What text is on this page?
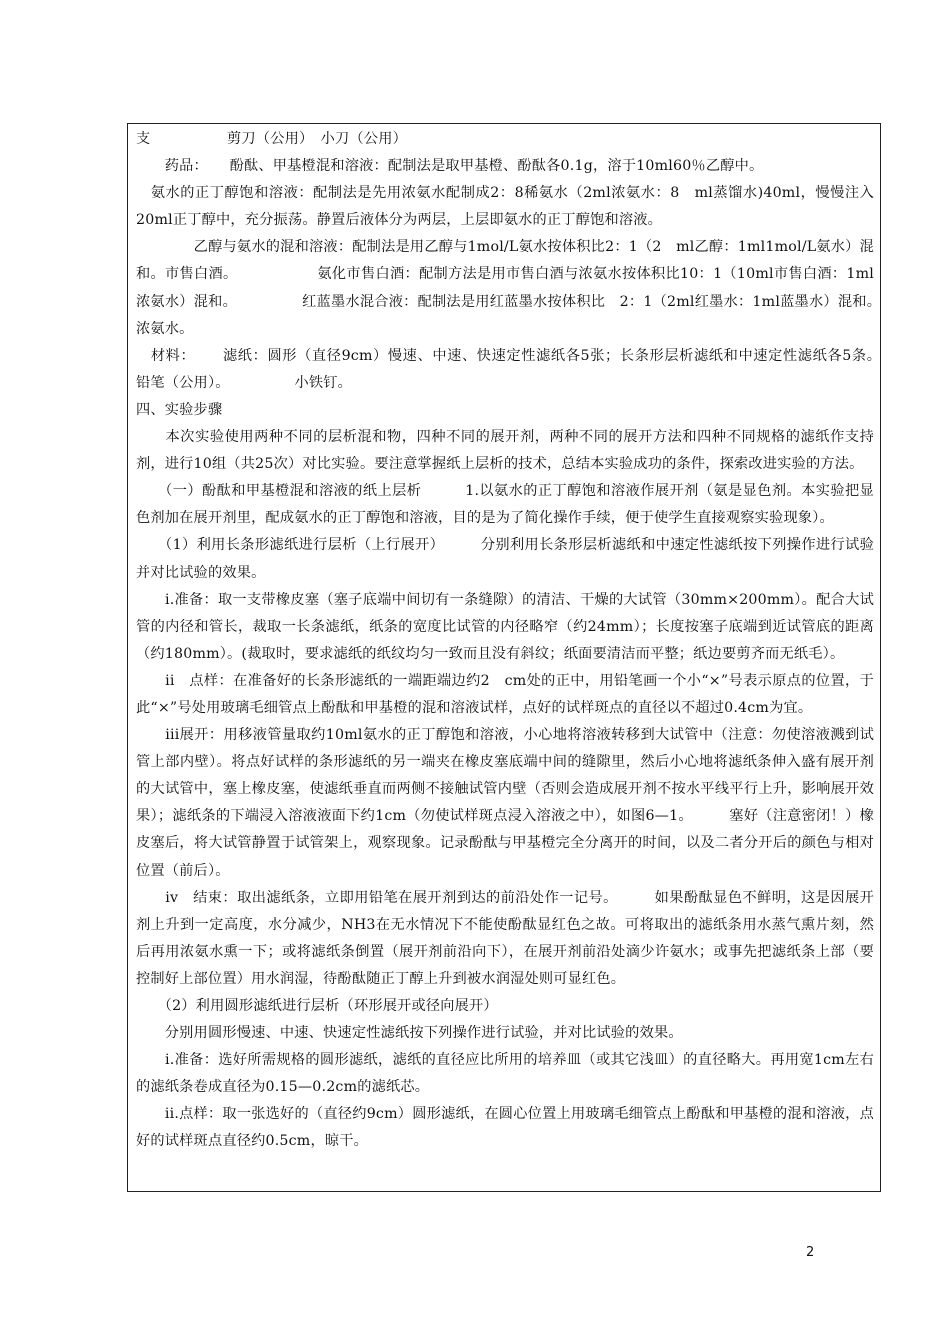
支　　　　　 剪刀（公用）　小刀（公用）

　　药品：　　酚酞、甲基橙混和溶液：配制法是取甲基橙、酚酞各0.1g，溶于10ml60％乙醇中。

　氨水的正丁醇饱和溶液：配制法是先用浓氨水配制成2：8稀氨水（2ml浓氨水：8　ml蒸馏水)40ml，慢慢注入20ml正丁醇中，充分振荡。静置后液体分为两层，上层即氨水的正丁醇饱和溶液。

　　　　乙醇与氨水的混和溶液：配制法是用乙醇与1mol/L氨水按体积比2：1（2　ml乙醇：1ml1mol/L氨水）混和。市售白酒。　　　　　　氨化市售白酒：配制方法是用市售白酒与浓氨水按体积比10：1（10ml市售白酒：1ml浓氨水）混和。　　　　　红蓝墨水混合液：配制法是用红蓝墨水按体积比　2：1（2ml红墨水：1ml蓝墨水）混和。　　　浓氨水。

　材料：　　 滤纸：圆形（直径9cm）慢速、中速、快速定性滤纸各5张；长条形层析滤纸和中速定性滤纸各5条。　　　　铅笔（公用）。　　　　　小铁钉。

四、实验步骤

　　本次实验使用两种不同的层析混和物，四种不同的展开剂，两种不同的展开方法和四种不同规格的滤纸作支持剂，进行10组（共25次）对比实验。要注意掌握纸上层析的技术，总结本实验成功的条件，探索改进实验的方法。

　　（一）酚酞和甲基橙混和溶液的纸上层析　　　1.以氨水的正丁醇饱和溶液作展开剂（氨是显色剂。本实验把显色剂加在展开剂里，配成氨水的正丁醇饱和溶液，目的是为了简化操作手续，便于使学生直接观察实验现象）。

　　（1）利用长条形滤纸进行层析（上行展开）　　　分别利用长条形层析滤纸和中速定性滤纸按下列操作进行试验并对比试验的效果。

　　i.准备：取一支带橡皮塞（塞子底端中间切有一条缝隙）的清洁、干燥的大试管（30mm×200mm）。配合大试管的内径和管长，裁取一长条滤纸，纸条的宽度比试管的内径略窄（约24mm）；长度按塞子底端到近试管底的距离（约180mm）。(裁取时，要求滤纸的纸纹均匀一致而且没有斜纹；纸面要清洁而平整；纸边要剪齐而无纸毛）。

　　ii　点样：在准备好的长条形滤纸的一端距端边约2　cm处的正中，用铅笔画一个小“×”号表示原点的位置，于此“×”号处用玻璃毛细管点上酚酞和甲基橙的混和溶液试样，点好的试样斑点的直径以不超过0.4cm为宜。

　　iii展开：用移液管量取约10ml氨水的正丁醇饱和溶液，小心地将溶液转移到大试管中（注意：勿使溶液溅到试管上部内壁）。将点好试样的条形滤纸的另一端夹在橡皮塞底端中间的缝隙里，然后小心地将滤纸条伸入盛有展开剂的大试管中，塞上橡皮塞，使滤纸垂直而两侧不接触试管内壁（否则会造成展开剂不按水平线平行上升，影响展开效果）；滤纸条的下端浸入溶液液面下约1cm（勿使试样斑点浸入溶液之中），如图6—1。　　　塞好（注意密闭！）橡皮塞后，将大试管静置于试管架上，观察现象。记录酚酞与甲基橙完全分离开的时间，以及二者分开后的颜色与相对位置（前后）。

　　iv　结束：取出滤纸条，立即用铅笔在展开剂到达的前沿处作一记号。　　　如果酚酞显色不鲜明，这是因展开剂上升到一定高度，水分减少，NH3在无水情况下不能使酚酞显红色之故。可将取出的滤纸条用水蒸气熏片刻，然后再用浓氨水熏一下；或将滤纸条倒置（展开剂前沿向下），在展开剂前沿处滴少许氨水；或事先把滤纸条上部（要控制好上部位置）用水润湿，待酚酞随正丁醇上升到被水润湿处则可显红色。

　　（2）利用圆形滤纸进行层析（环形展开或径向展开）

　　分别用圆形慢速、中速、快速定性滤纸按下列操作进行试验，并对比试验的效果。

　　i.准备：选好所需规格的圆形滤纸，滤纸的直径应比所用的培养皿（或其它浅皿）的直径略大。再用宽1cm左右的滤纸条卷成直径为0.15—0.2cm的滤纸芯。

　　ii.点样：取一张选好的（直径约9cm）圆形滤纸，在圆心位置上用玻璃毛细管点上酚酞和甲基橙的混和溶液，点好的试样斑点直径约0.5cm，晾干。

2
